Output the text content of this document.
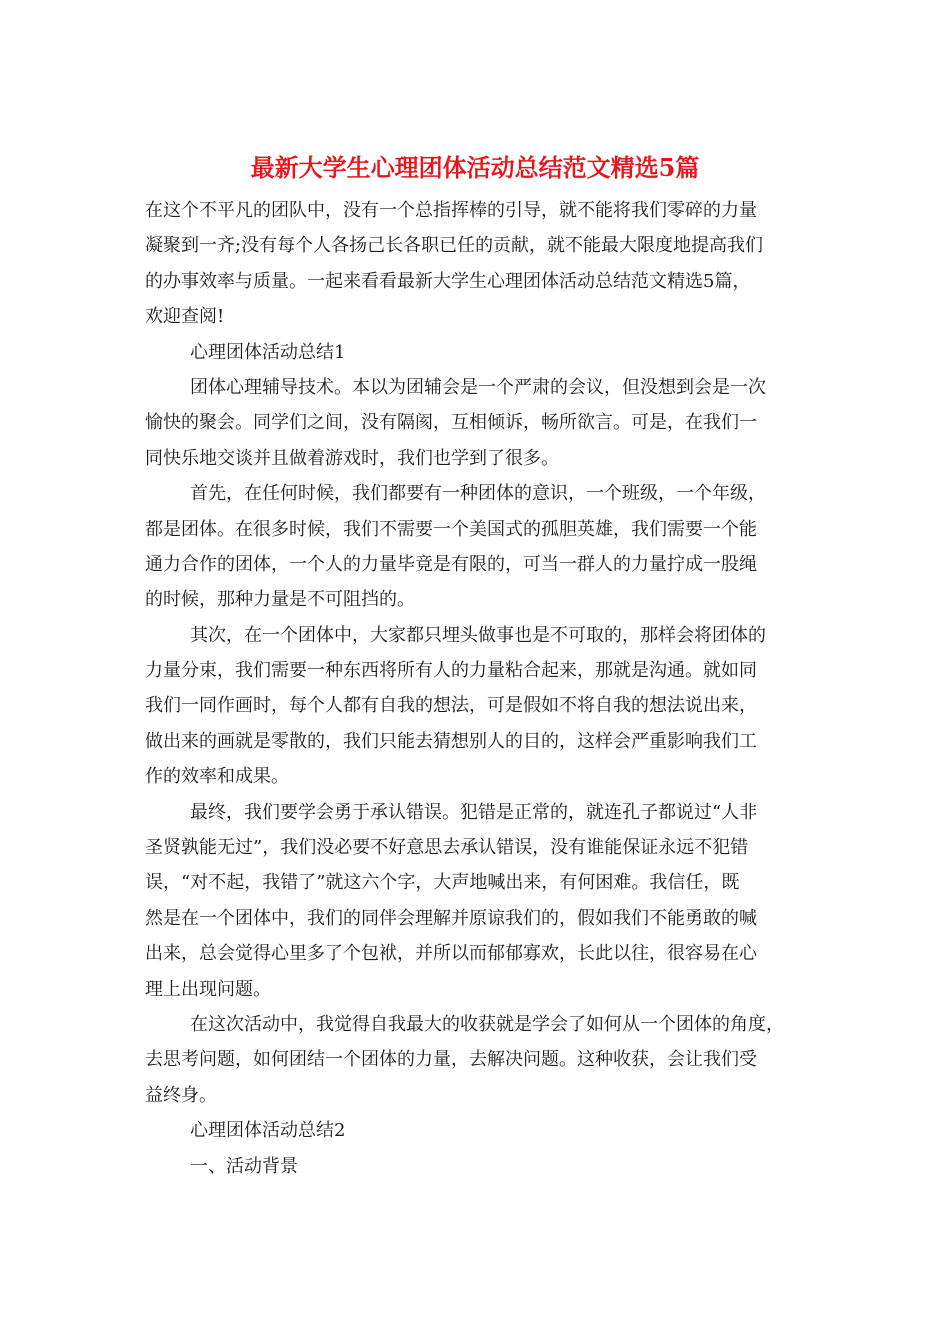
最新大学生心理团体活动总结范文精选5篇
在这个不平凡的团队中，没有一个总指挥棒的引导，就不能将我们零碎的力量
凝聚到一齐;没有每个人各扬己长各职已任的贡献，就不能最大限度地提高我们
的办事效率与质量。一起来看看最新大学生心理团体活动总结范文精选5篇，
欢迎查阅!
心理团体活动总结1
团体心理辅导技术。本以为团辅会是一个严肃的会议，但没想到会是一次
愉快的聚会。同学们之间，没有隔阂，互相倾诉，畅所欲言。可是，在我们一
同快乐地交谈并且做着游戏时，我们也学到了很多。
首先，在任何时候，我们都要有一种团体的意识，一个班级，一个年级，
都是团体。在很多时候，我们不需要一个美国式的孤胆英雄，我们需要一个能
通力合作的团体，一个人的力量毕竟是有限的，可当一群人的力量拧成一股绳
的时候，那种力量是不可阻挡的。
其次，在一个团体中，大家都只埋头做事也是不可取的，那样会将团体的
力量分束，我们需要一种东西将所有人的力量粘合起来，那就是沟通。就如同
我们一同作画时，每个人都有自我的想法，可是假如不将自我的想法说出来，
做出来的画就是零散的，我们只能去猜想别人的目的，这样会严重影响我们工
作的效率和成果。
最终，我们要学会勇于承认错误。犯错是正常的，就连孔子都说过“人非
圣贤孰能无过”，我们没必要不好意思去承认错误，没有谁能保证永远不犯错
误，“对不起，我错了”就这六个字，大声地喊出来，有何困难。我信任，既
然是在一个团体中，我们的同伴会理解并原谅我们的，假如我们不能勇敢的喊
出来，总会觉得心里多了个包袱，并所以而郁郁寡欢，长此以往，很容易在心
理上出现问题。
在这次活动中，我觉得自我最大的收获就是学会了如何从一个团体的角度，
去思考问题，如何团结一个团体的力量，去解决问题。这种收获，会让我们受
益终身。
心理团体活动总结2
一、活动背景
